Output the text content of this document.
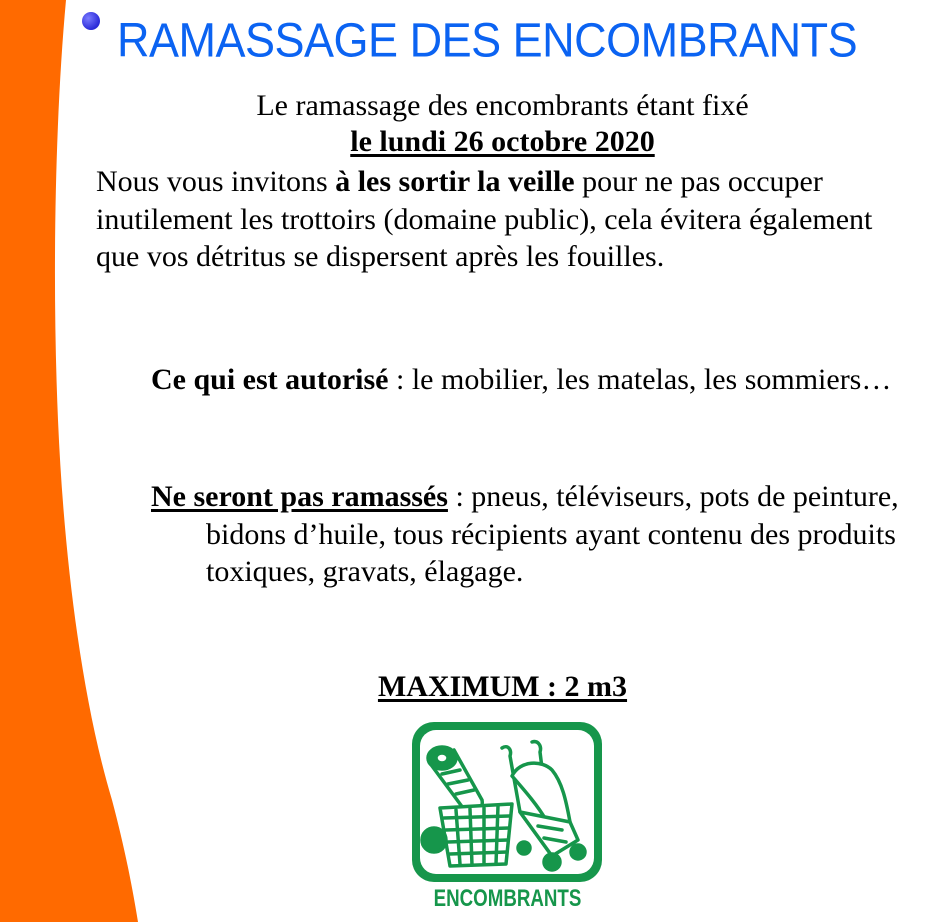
RAMASSAGE DES ENCOMBRANTS

Le ramassage des encombrants étant fixé

le lundi 26 octobre 2020

Nous vous invitons à les sortir la veille pour ne pas occuper inutilement les trottoirs (domaine public), cela évitera également que vos détritus se dispersent après les fouilles.

Ce qui est autorisé : le mobilier, les matelas, les sommiers…

Ne seront pas ramassés : pneus, téléviseurs, pots de peinture, bidons d’huile, tous récipients ayant contenu des produits toxiques, gravats, élagage.

MAXIMUM : 2 m3

ENCOMBRANTS
